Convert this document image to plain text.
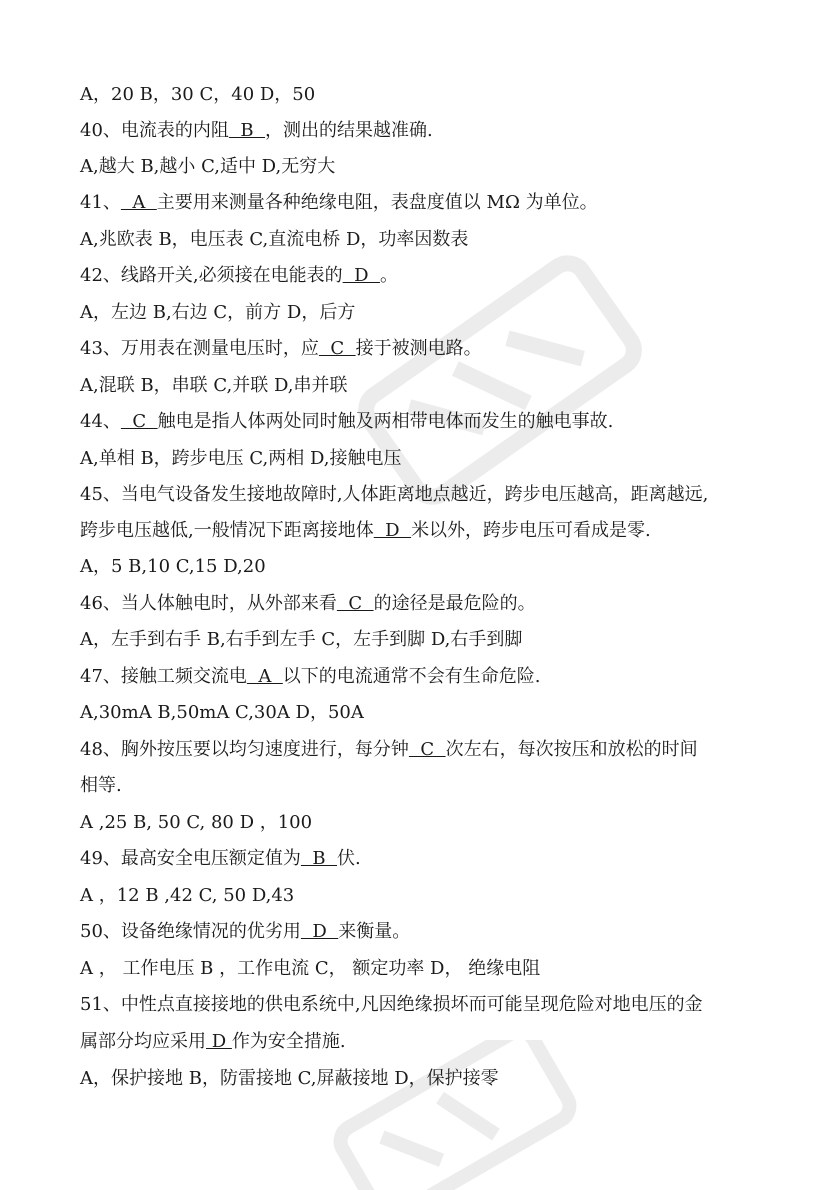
A，20 B，30 C，40 D，50
40、电流表的内阻  B  ，测出的结果越准确.
A,越大 B,越小 C,适中 D,无穷大
41、  A  主要用来测量各种绝缘电阻，表盘度值以 MΩ 为单位。
A,兆欧表 B，电压表 C,直流电桥 D，功率因数表
42、线路开关,必须接在电能表的  D  。
A，左边 B,右边 C，前方 D，后方
43、万用表在测量电压时，应  C  接于被测电路。
A,混联 B，串联 C,并联 D,串并联
44、  C  触电是指人体两处同时触及两相带电体而发生的触电事故.
A,单相 B，跨步电压 C,两相 D,接触电压
45、当电气设备发生接地故障时,人体距离地点越近，跨步电压越高，距离越远,
跨步电压越低,一般情况下距离接地体  D  米以外，跨步电压可看成是零.
A，5 B,10 C,15 D,20
46、当人体触电时，从外部来看  C  的途径是最危险的。
A，左手到右手 B,右手到左手 C，左手到脚 D,右手到脚
47、接触工频交流电  A  以下的电流通常不会有生命危险.
A,30mA B,50mA C,30A D，50A
48、胸外按压要以均匀速度进行，每分钟  C  次左右，每次按压和放松的时间
相等.
A ,25 B, 50 C, 80 D ，100
49、最高安全电压额定值为  B  伏.
A ，12 B ,42 C, 50 D,43
50、设备绝缘情况的优劣用  D  来衡量。
A ， 工作电压 B ，工作电流 C， 额定功率 D， 绝缘电阻
51、中性点直接接地的供电系统中,凡因绝缘损坏而可能呈现危险对地电压的金
属部分均应采用 D 作为安全措施.
A，保护接地 B，防雷接地 C,屏蔽接地 D，保护接零
